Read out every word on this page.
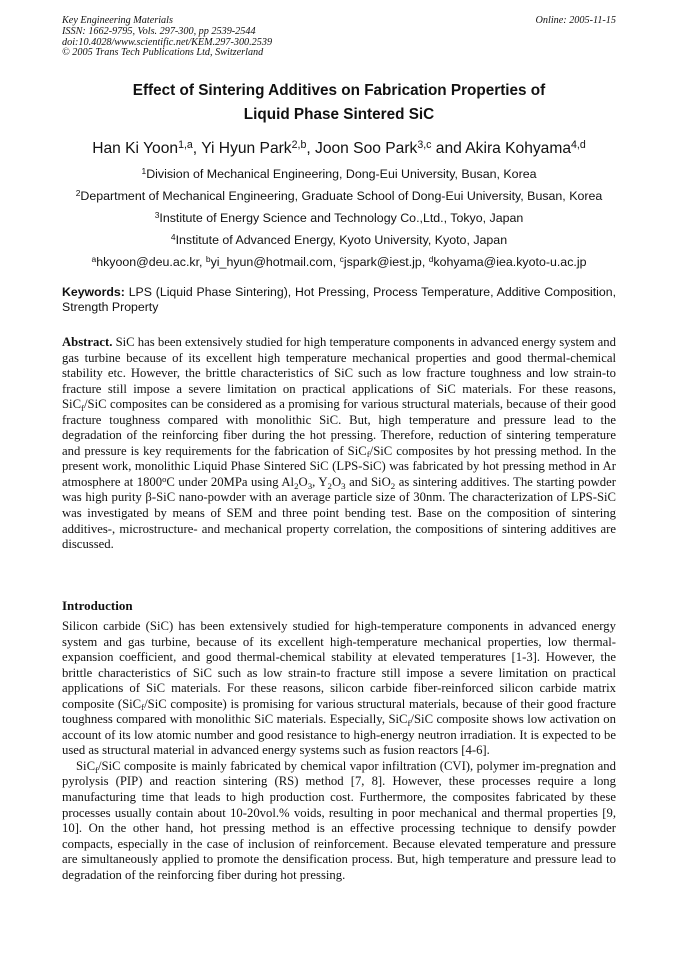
Key Engineering Materials
ISSN: 1662-9795, Vols. 297-300, pp 2539-2544
doi:10.4028/www.scientific.net/KEM.297-300.2539
© 2005 Trans Tech Publications Ltd, Switzerland
Online: 2005-11-15
Effect of Sintering Additives on Fabrication Properties of
Liquid Phase Sintered SiC
Han Ki Yoon$^{1,a}$, Yi Hyun Park$^{2,b}$, Joon Soo Park$^{3,c}$ and Akira Kohyama$^{4,d}$
$^1$Division of Mechanical Engineering, Dong-Eui University, Busan, Korea
$^2$Department of Mechanical Engineering, Graduate School of Dong-Eui University, Busan, Korea
$^3$Institute of Energy Science and Technology Co.,Ltd., Tokyo, Japan
$^4$Institute of Advanced Energy, Kyoto University, Kyoto, Japan
$^a$hkyoon@deu.ac.kr, $^b$yi_hyun@hotmail.com, $^c$jspark@iest.jp, $^d$kohyama@iea.kyoto-u.ac.jp
Keywords: LPS (Liquid Phase Sintering), Hot Pressing, Process Temperature, Additive Composition, Strength Property
Abstract. SiC has been extensively studied for high temperature components in advanced energy system and gas turbine because of its excellent high temperature mechanical properties and good thermal-chemical stability etc. However, the brittle characteristics of SiC such as low fracture toughness and low strain-to fracture still impose a severe limitation on practical applications of SiC materials. For these reasons, SiC$_f$/SiC composites can be considered as a promising for various structural materials, because of their good fracture toughness compared with monolithic SiC. But, high temperature and pressure lead to the degradation of the reinforcing fiber during the hot pressing. Therefore, reduction of sintering temperature and pressure is key requirements for the fabrication of SiC$_f$/SiC composites by hot pressing method. In the present work, monolithic Liquid Phase Sintered SiC (LPS-SiC) was fabricated by hot pressing method in Ar atmosphere at 1800$^o$C under 20MPa using $Al_2O_3$, $Y_2O_3$ and SiO$_2$ as sintering additives. The starting powder was high purity β-SiC nano-powder with an average particle size of 30nm. The characterization of LPS-SiC was investigated by means of SEM and three point bending test. Base on the composition of sintering additives-, microstructure- and mechanical property correlation, the compositions of sintering additives are discussed.
Introduction

Silicon carbide (SiC) has been extensively studied for high-temperature components in advanced energy system and gas turbine, because of its excellent high-temperature mechanical properties, low thermal-expansion coefficient, and good thermal-chemical stability at elevated temperatures [1-3]. However, the brittle characteristics of SiC such as low strain-to fracture still impose a severe limitation on practical applications of SiC materials. For these reasons, silicon carbide fiber-reinforced silicon carbide matrix composite (SiC$_f$/SiC composite) is promising for various structural materials, because of their good fracture toughness compared with monolithic SiC materials. Especially, SiC$_f$/SiC composite shows low activation on account of its low atomic number and good resistance to high-energy neutron irradiation. It is expected to be used as structural material in advanced energy systems such as fusion reactors [4-6].

SiC$_f$/SiC composite is mainly fabricated by chemical vapor infiltration (CVI), polymer im-pregnation and pyrolysis (PIP) and reaction sintering (RS) method [7, 8]. However, these processes require a long manufacturing time that leads to high production cost. Furthermore, the composites fabricated by these processes usually contain about 10-20vol.% voids, resulting in poor mechanical and thermal properties [9, 10]. On the other hand, hot pressing method is an effective processing technique to densify powder compacts, especially in the case of inclusion of reinforcement. Because elevated temperature and pressure are simultaneously applied to promote the densification process. But, high temperature and pressure lead to degradation of the reinforcing fiber during hot pressing.
